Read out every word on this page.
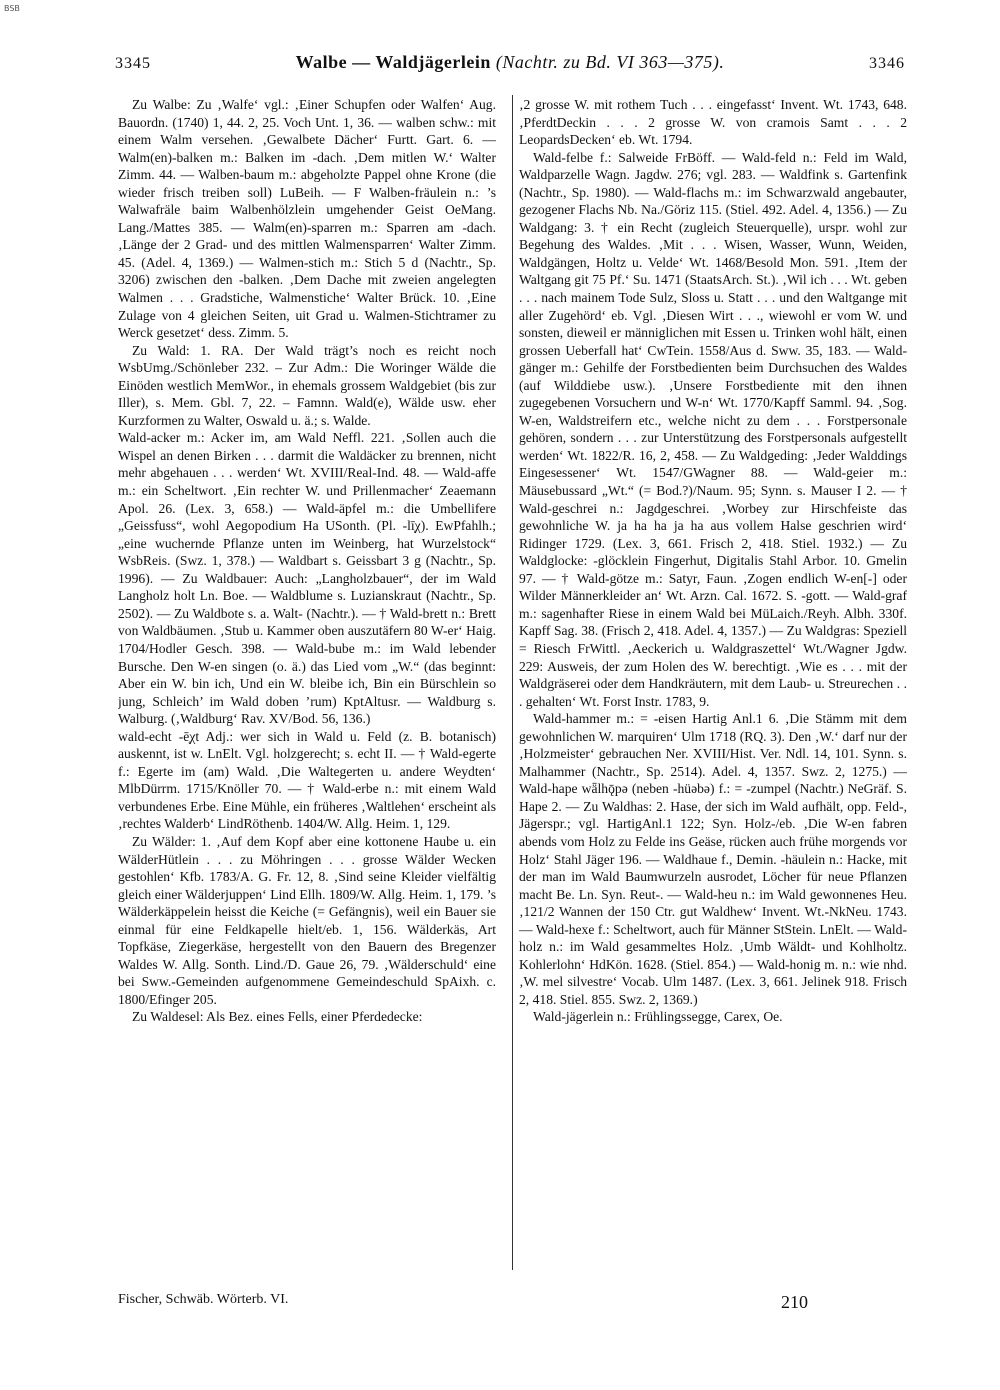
BSB
3345	Walbe — Waldjägerlein (Nachtr. zu Bd. VI 363—375).	3346

Zu Walbe: Zu ‚Walfe‘ vgl.: ‚Einer Schupfen oder Walfen‘ Aug. Bauordn. (1740) 1, 44. 2, 25. Voch Unt. 1, 36. — walben schw.: mit einem Walm versehen. ‚Gewalbete Dächer‘ Furtt. Gart. 6. — Walm(en)-balken m.: Balken im -dach. ‚Dem mitlen W.‘ Walter Zimm. 44. — Walben-baum m.: abgeholzte Pappel ohne Krone (die wieder frisch treiben soll) LuBeih. — F Walben-fräulein n.: ’s Walwafräle baim Walbenhölzlein umgehender Geist OeMang. Lang./Mattes 385. — Walm(en)-sparren m.: Sparren am -dach. ‚Länge der 2 Grad- und des mittlen Walmensparren‘ Walter Zimm. 45. (Adel. 4, 1369.) — Walmen-stich m.: Stich 5 d (Nachtr., Sp. 3206) zwischen den -balken. ‚Dem Dache mit zweien angelegten Walmen . . . Gradstiche, Walmenstiche‘ Walter Brück. 10. ‚Eine Zulage von 4 gleichen Seiten, uit Grad u. Walmen-Stichtramer zu Werck gesetzet‘ dess. Zimm. 5.

Zu Wald: 1. RA. Der Wald trägt’s noch es reicht noch WsbUmg./Schönleber 232. – Zur Adm.: Die Woringer Wälde die Einöden westlich MemWor., in ehemals grossem Waldgebiet (bis zur Iller), s. Mem. Gbl. 7, 22. – Famnn. Wald(e), Wälde usw. eher Kurzformen zu Walter, Oswald u. ä.; s. Walde.

Wald-acker m.: Acker im, am Wald Neffl. 221. ‚Sollen auch die Wispel an denen Birken . . . darmit die Waldäcker zu brennen, nicht mehr abgehauen . . . werden‘ Wt. XVIII/Real-Ind. 48. — Wald-affe m.: ein Scheltwort. ‚Ein rechter W. und Prillenmacher‘ Zeaemann Apol. 26. (Lex. 3, 658.) — Wald-äpfel m.: die Umbellifere „Geissfuss“, wohl Aegopodium Ha USonth. (Pl. -lī̜χ). EwPfahlh.; „eine wuchernde Pflanze unten im Weinberg, hat Wurzelstock“ WsbReis. (Swz. 1, 378.) — Waldbart s. Geissbart 3 g (Nachtr., Sp. 1996). — Zu Waldbauer: Auch: „Langholzbauer“, der im Wald Langholz holt Ln. Boe. — Waldblume s. Luzianskraut (Nachtr., Sp. 2502). — Zu Waldbote s. a. Walt- (Nachtr.). — † Wald-brett n.: Brett von Waldbäumen. ‚Stub u. Kammer oben auszutäfern 80 W-er‘ Haig. 1704/Hodler Gesch. 398. — Wald-bube m.: im Wald lebender Bursche. Den W-en singen (o. ä.) das Lied vom „W.“ (das beginnt: Aber ein W. bin ich, Und ein W. bleibe ich, Bin ein Bürschlein so jung, Schleich’ im Wald doben ’rum) KptAltusr. — Waldburg s. Walburg. (‚Waldburg‘ Rav. XV/Bod. 56, 136.)

wald-echt -ē̜χt Adj.: wer sich in Wald u. Feld (z. B. botanisch) auskennt, ist w. LnElt. Vgl. holzgerecht; s. echt II. — † Wald-egerte f.: Egerte im (am) Wald. ‚Die Waltegerten u. andere Weydten‘ MlbDürrm. 1715/Knöller 70. — † Wald-erbe n.: mit einem Wald verbundenes Erbe. Eine Mühle, ein früheres ‚Waltlehen‘ erscheint als ‚rechtes Walderb‘ LindRöthenb. 1404/W. Allg. Heim. 1, 129.

Zu Wälder: 1. ‚Auf dem Kopf aber eine kottonene Haube u. ein WälderHütlein . . . zu Möhringen . . . grosse Wälder Wecken gestohlen‘ Kfb. 1783/A. G. Fr. 12, 8. ‚Sind seine Kleider vielfältig gleich einer Wälderjuppen‘ Lind Ellh. 1809/W. Allg. Heim. 1, 179. ’s Wälderkäppelein heisst die Keiche (= Gefängnis), weil ein Bauer sie einmal für eine Feldkapelle hielt/eb. 1, 156. Wälderkäs, Art Topfkäse, Ziegerkäse, hergestellt von den Bauern des Bregenzer Waldes W. Allg. Sonth. Lind./D. Gaue 26, 79. ‚Wälderschuld‘ eine bei Sww.-Gemeinden aufgenommene Gemeindeschuld SpAixh. c. 1800/Efinger 205.

Zu Waldesel: Als Bez. eines Fells, einer Pferdedecke:

‚2 grosse W. mit rothem Tuch . . . eingefasst‘ Invent. Wt. 1743, 648. ‚PferdtDeckin . . . 2 grosse W. von cramois Samt . . . 2 LeopardsDecken‘ eb. Wt. 1794.

Wald-felbe f.: Salweide FrBöff. — Wald-feld n.: Feld im Wald, Waldparzelle Wagn. Jagdw. 276; vgl. 283. — Waldfink s. Gartenfink (Nachtr., Sp. 1980). — Wald-flachs m.: im Schwarzwald angebauter, gezogener Flachs Nb. Na./Göriz 115. (Stiel. 492. Adel. 4, 1356.) — Zu Waldgang: 3. † ein Recht (zugleich Steuerquelle), urspr. wohl zur Begehung des Waldes. ‚Mit . . . Wisen, Wasser, Wunn, Weiden, Waldgängen, Holtz u. Velde‘ Wt. 1468/Besold Mon. 591. ‚Item der Waltgang git 75 Pf.‘ Su. 1471 (StaatsArch. St.). ‚Wil ich . . . Wt. geben . . . nach mainem Tode Sulz, Sloss u. Statt . . . und den Waltgange mit aller Zugehörd‘ eb. Vgl. ‚Diesen Wirt . . ., wiewohl er vom W. und sonsten, dieweil er männiglichen mit Essen u. Trinken wohl hält, einen grossen Ueberfall hat‘ CwTein. 1558/Aus d. Sww. 35, 183. — Wald-gänger m.: Gehilfe der Forstbedienten beim Durchsuchen des Waldes (auf Wilddiebe usw.). ‚Unsere Forstbediente mit den ihnen zugegebenen Vorsuchern und W-n‘ Wt. 1770/Kapff Samml. 94. ‚Sog. W-en, Waldstreifern etc., welche nicht zu dem . . . Forstpersonale gehören, sondern . . . zur Unterstützung des Forstpersonals aufgestellt werden‘ Wt. 1822/R. 16, 2, 458. — Zu Waldgeding: ‚Jeder Walddings Eingesessener‘ Wt. 1547/GWagner 88. — Wald-geier m.: Mäusebussard „Wt.“ (= Bod.?)/Naum. 95; Synn. s. Mauser I 2. — † Wald-geschrei n.: Jagdgeschrei. ‚Worbey zur Hirschfeiste das gewohnliche W. ja ha ha ja ha aus vollem Halse geschrien wird‘ Ridinger 1729. (Lex. 3, 661. Frisch 2, 418. Stiel. 1932.) — Zu Waldglocke: -glöcklein Fingerhut, Digitalis Stahl Arbor. 10. Gmelin 97. — † Wald-götze m.: Satyr, Faun. ‚Zogen endlich W-en[-] oder Wilder Männerkleider an‘ Wt. Arzn. Cal. 1672. S. -gott. — Wald-graf m.: sagenhafter Riese in einem Wald bei MüLaich./Reyh. Albh. 330f. Kapff Sag. 38. (Frisch 2, 418. Adel. 4, 1357.) — Zu Waldgras: Speziell = Riesch FrWittl. ‚Aeckerich u. Waldgraszettel‘ Wt./Wagner Jgdw. 229: Ausweis, der zum Holen des W. berechtigt. ‚Wie es . . . mit der Waldgräserei oder dem Handkräutern, mit dem Laub- u. Streurechen . . . gehalten‘ Wt. Forst Instr. 1783, 9.

Wald-hammer m.: = -eisen Hartig Anl.1 6. ‚Die Stämm mit dem gewohnlichen W. marquiren‘ Ulm 1718 (RQ. 3). Den ‚W.‘ darf nur der ‚Holzmeister‘ gebrauchen Ner. XVIII/Hist. Ver. Ndl. 14, 101. Synn. s. Malhammer (Nachtr., Sp. 2514). Adel. 4, 1357. Swz. 2, 1275.) — Wald-hape wǟlhǭpə (neben -hüəbə) f.: = -zumpel (Nachtr.) NeGräf. S. Hape 2. — Zu Waldhas: 2. Hase, der sich im Wald aufhält, opp. Feld-, Jägerspr.; vgl. HartigAnl.1 122; Syn. Holz-/eb. ‚Die W-en fabren abends vom Holz zu Felde ins Geäse, rücken auch frühe morgends vor Holz‘ Stahl Jäger 196. — Waldhaue f., Demin. -häulein n.: Hacke, mit der man im Wald Baumwurzeln ausrodet, Löcher für neue Pflanzen macht Be. Ln. Syn. Reut-. — Wald-heu n.: im Wald gewonnenes Heu. ‚121/2 Wannen der 150 Ctr. gut Waldhew‘ Invent. Wt.-NkNeu. 1743. — Wald-hexe f.: Scheltwort, auch für Männer StStein. LnElt. — Wald-holz n.: im Wald gesammeltes Holz. ‚Umb Wäldt- und Kohlholtz. Kohlerlohn‘ HdKön. 1628. (Stiel. 854.) — Wald-honig m. n.: wie nhd. ‚W. mel silvestre‘ Vocab. Ulm 1487. (Lex. 3, 661. Jelinek 918. Frisch 2, 418. Stiel. 855. Swz. 2, 1369.)

Wald-jägerlein n.: Frühlingssegge, Carex, Oe.

Fischer, Schwäb. Wörterb. VI.	210
